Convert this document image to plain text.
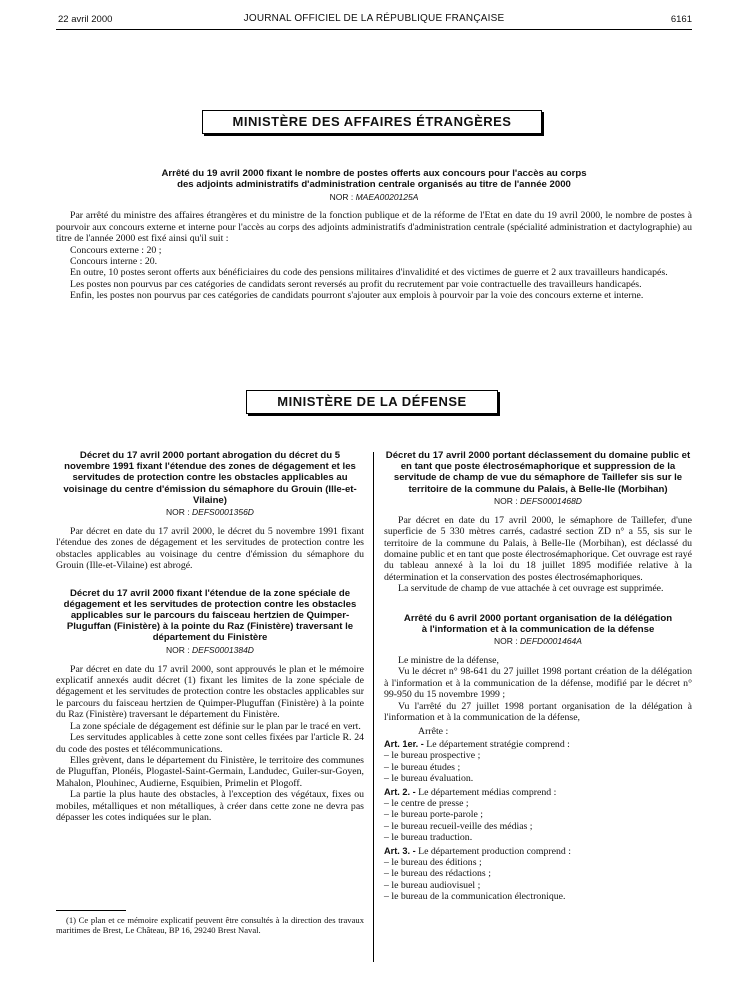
22 avril 2000	JOURNAL OFFICIEL DE LA RÉPUBLIQUE FRANÇAISE	6161
MINISTÈRE DES AFFAIRES ÉTRANGÈRES
Arrêté du 19 avril 2000 fixant le nombre de postes offerts aux concours pour l'accès au corps
des adjoints administratifs d'administration centrale organisés au titre de l'année 2000
NOR : MAEA0020125A

Par arrêté du ministre des affaires étrangères et du ministre de la fonction publique et de la réforme de l'Etat en date du 19 avril 2000, le nombre de postes à pourvoir aux concours externe et interne pour l'accès au corps des adjoints administratifs d'administration centrale (spécialité administration et dactylographie) au titre de l'année 2000 est fixé ainsi qu'il suit :

Concours externe : 20 ;

Concours interne : 20.

En outre, 10 postes seront offerts aux bénéficiaires du code des pensions militaires d'invalidité et des victimes de guerre et 2 aux travailleurs handicapés.

Les postes non pourvus par ces catégories de candidats seront reversés au profit du recrutement par voie contractuelle des travailleurs handicapés.

Enfin, les postes non pourvus par ces catégories de candidats pourront s'ajouter aux emplois à pourvoir par la voie des concours externe et interne.

MINISTÈRE DE LA DÉFENSE
Décret du 17 avril 2000 portant abrogation du décret du 5 novembre 1991 fixant l'étendue des zones de dégagement et les servitudes de protection contre les obstacles applicables au voisinage du centre d'émission du sémaphore du Grouin (Ille-et-Vilaine)
NOR : DEFS0001356D

Par décret en date du 17 avril 2000, le décret du 5 novembre 1991 fixant l'étendue des zones de dégagement et les servitudes de protection contre les obstacles applicables au voisinage du centre d'émission du sémaphore du Grouin (Ille-et-Vilaine) est abrogé.

Décret du 17 avril 2000 fixant l'étendue de la zone spéciale de dégagement et les servitudes de protection contre les obstacles applicables sur le parcours du faisceau hertzien de Quimper-Pluguffan (Finistère) à la pointe du Raz (Finistère) traversant le département du Finistère
NOR : DEFS0001384D

Par décret en date du 17 avril 2000, sont approuvés le plan et le mémoire explicatif annexés audit décret (1) fixant les limites de la zone spéciale de dégagement et les servitudes de protection contre les obstacles applicables sur le parcours du faisceau hertzien de Quimper-Pluguffan (Finistère) à la pointe du Raz (Finistère) traversant le département du Finistère.

La zone spéciale de dégagement est définie sur le plan par le tracé en vert.

Les servitudes applicables à cette zone sont celles fixées par l'article R. 24 du code des postes et télécommunications.

Elles grèvent, dans le département du Finistère, le territoire des communes de Pluguffan, Plonéis, Plogastel-Saint-Germain, Landudec, Guiler-sur-Goyen, Mahalon, Plouhinec, Audierne, Esquibien, Primelin et Plogoff.

La partie la plus haute des obstacles, à l'exception des végétaux, fixes ou mobiles, métalliques et non métalliques, à créer dans cette zone ne devra pas dépasser les cotes indiquées sur le plan.

(1) Ce plan et ce mémoire explicatif peuvent être consultés à la direction des travaux maritimes de Brest, Le Château, BP 16, 29240 Brest Naval.

Décret du 17 avril 2000 portant déclassement du domaine public et en tant que poste électrosémaphorique et suppression de la servitude de champ de vue du sémaphore de Taillefer sis sur le territoire de la commune du Palais, à Belle-Ile (Morbihan)
NOR : DEFS0001468D

Par décret en date du 17 avril 2000, le sémaphore de Taillefer, d'une superficie de 5 330 mètres carrés, cadastré section ZD n° a 55, sis sur le territoire de la commune du Palais, à Belle-Ile (Morbihan), est déclassé du domaine public et en tant que poste électrosémaphorique. Cet ouvrage est rayé du tableau annexé à la loi du 18 juillet 1895 modifiée relative à la détermination et la conservation des postes électrosémaphoriques.

La servitude de champ de vue attachée à cet ouvrage est supprimée.

Arrêté du 6 avril 2000 portant organisation de la délégation à l'information et à la communication de la défense
NOR : DEFD0001464A

Le ministre de la défense,

Vu le décret n° 98-641 du 27 juillet 1998 portant création de la délégation à l'information et à la communication de la défense, modifié par le décret n° 99-950 du 15 novembre 1999 ;

Vu l'arrêté du 27 juillet 1998 portant organisation de la délégation à l'information et à la communication de la défense,

Arrête :

Art. 1er. - Le département stratégie comprend :

– le bureau prospective ;

– le bureau études ;

– le bureau évaluation.

Art. 2. - Le département médias comprend :

– le centre de presse ;

– le bureau porte-parole ;

– le bureau recueil-veille des médias ;

– le bureau traduction.

Art. 3. - Le département production comprend :

– le bureau des éditions ;

– le bureau des rédactions ;

– le bureau audiovisuel ;

– le bureau de la communication électronique.
